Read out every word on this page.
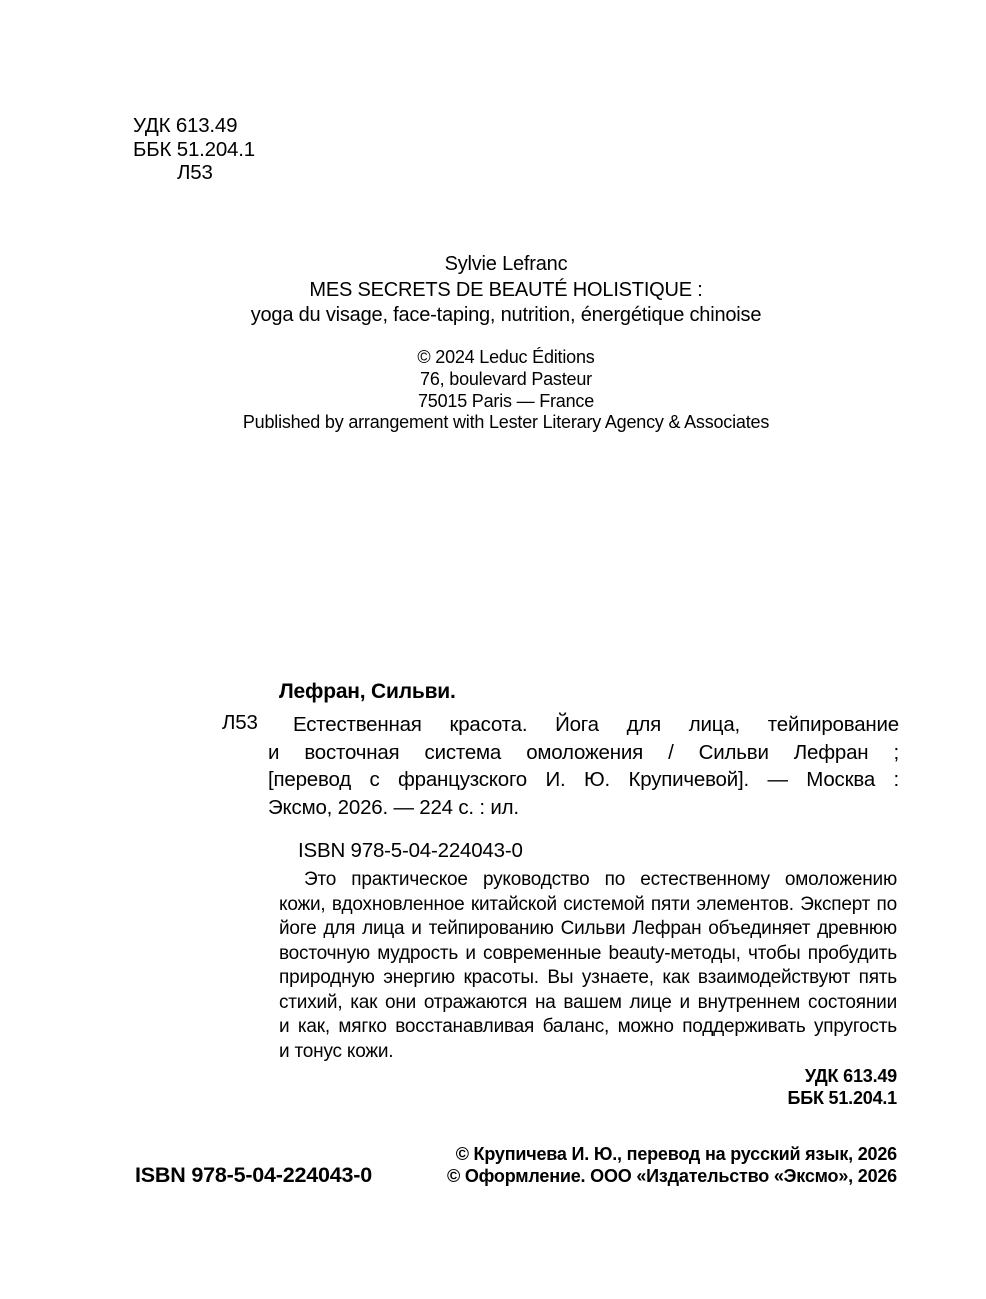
УДК 613.49
ББК 51.204.1
Л53
Sylvie Lefranc
MES SECRETS DE BEAUTÉ HOLISTIQUE :
yoga du visage, face-taping, nutrition, énergétique chinoise
© 2024 Leduc Éditions
76, boulevard Pasteur
75015 Paris — France
Published by arrangement with Lester Literary Agency & Associates
Лефран, Сильви.
Л53	Естественная красота. Йога для лица, тейпирование
и восточная система омоложения / Сильви Лефран ;
[перевод с французского И. Ю. Крупичевой]. — Москва :
Эксмо, 2026. — 224 с. : ил.
ISBN 978-5-04-224043-0
Это практическое руководство по естественному омоложению
кожи, вдохновленное китайской системой пяти элементов. Эксперт по
йоге для лица и тейпированию Сильви Лефран объединяет древнюю
восточную мудрость и современные beauty-методы, чтобы пробудить
природную энергию красоты. Вы узнаете, как взаимодействуют пять
стихий, как они отражаются на вашем лице и внутреннем состоянии
и как, мягко восстанавливая баланс, можно поддерживать упругость
и тонус кожи.
УДК 613.49
ББК 51.204.1
ISBN 978-5-04-224043-0
© Крупичева И. Ю., перевод на русский язык, 2026
© Оформление. ООО «Издательство «Эксмо», 2026
